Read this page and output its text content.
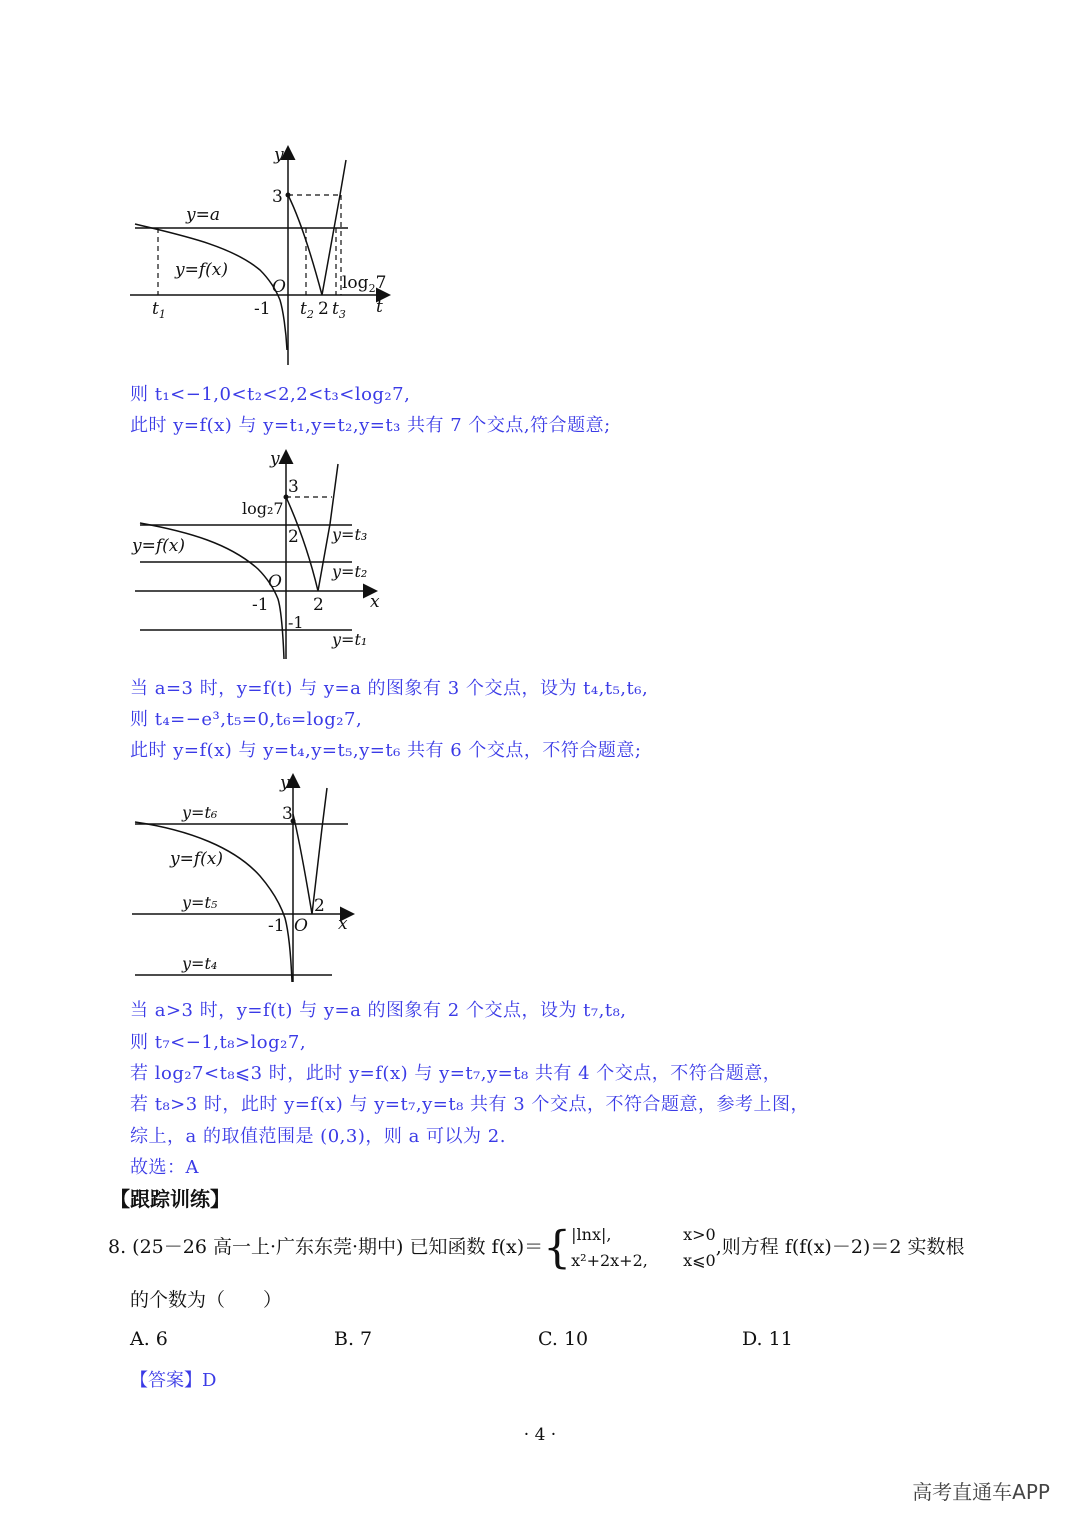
y
t
3
y=a
y=f(x)
O
-1
$t_1$	$t_2$ 2 $t_3$
$\log_27$
则 t₁<−1,0<t₂<2,2<t₃<log₂7,
此时 y=f(x) 与 y=t₁,y=t₂,y=t₃ 共有 7 个交点,符合题意;
y
x
3
log₂7
2
y=f(x)
O
-1	2
-1
y=t₃
y=t₂
y=t₁
当 a=3 时，y=f(t) 与 y=a 的图象有 3 个交点，设为 t₄,t₅,t₆,
则 t₄=−e³,t₅=0,t₆=log₂7,
此时 y=f(x) 与 y=t₄,y=t₅,y=t₆ 共有 6 个交点，不符合题意;
y
x
3
y=t₆
y=f(x)
y=t₅
-1 O
2
y=t₄
当 a>3 时，y=f(t) 与 y=a 的图象有 2 个交点，设为 t₇,t₈,
则 t₇<−1,t₈>log₂7,
若 log₂7<t₈⩽3 时，此时 y=f(x) 与 y=t₇,y=t₈ 共有 4 个交点，不符合题意，
若 t₈>3 时，此时 y=f(x) 与 y=t₇,y=t₈ 共有 3 个交点，不符合题意，参考上图，
综上，a 的取值范围是 (0,3)，则 a 可以为 2.
故选：A
【跟踪训练】
8. (25－26 高一上·广东东莞·期中) 已知函数 f(x)＝{|lnx|,	x>0
x²+2x+2, x⩽0,则方程 f(f(x)－2)＝2 实数根
的个数为（　　）
A. 6	B. 7	C. 10	D. 11
【答案】D
· 4 ·
高考直通车APP
